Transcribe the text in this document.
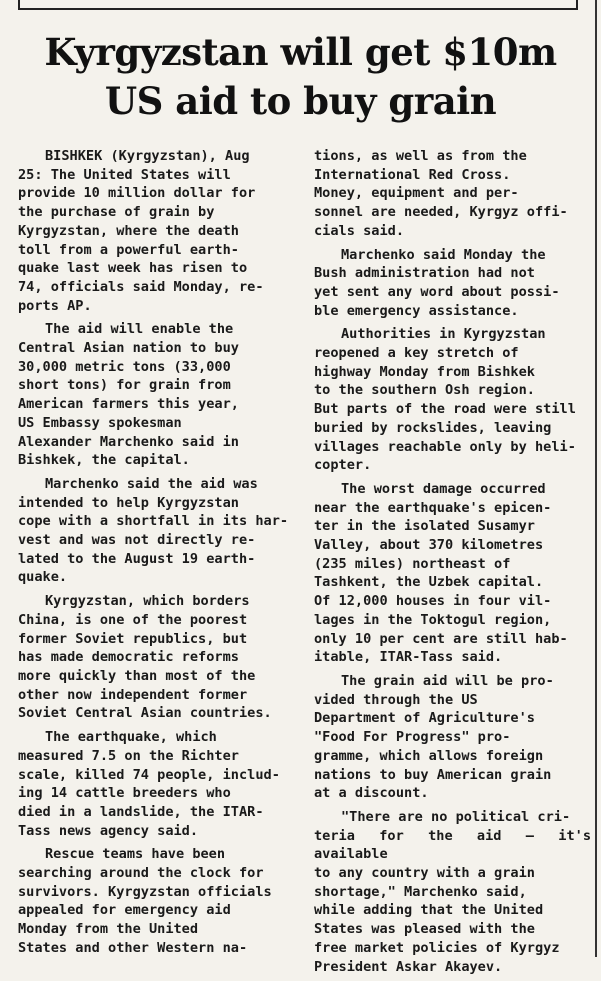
Kyrgyzstan will get $10m
US aid to buy grain

BISHKEK (Kyrgyzstan), Aug
25: The United States will
provide 10 million dollar for
the purchase of grain by
Kyrgyzstan, where the death
toll from a powerful earth-
quake last week has risen to
74, officials said Monday, re-
ports AP.

The aid will enable the
Central Asian nation to buy
30,000 metric tons (33,000
short tons) for grain from
American farmers this year,
US Embassy spokesman
Alexander Marchenko said in
Bishkek, the capital.

Marchenko said the aid was
intended to help Kyrgyzstan
cope with a shortfall in its har-
vest and was not directly re-
lated to the August 19 earth-
quake.

Kyrgyzstan, which borders
China, is one of the poorest
former Soviet republics, but
has made democratic reforms
more quickly than most of the
other now independent former
Soviet Central Asian countries.

The earthquake, which
measured 7.5 on the Richter
scale, killed 74 people, includ-
ing 14 cattle breeders who
died in a landslide, the ITAR-
Tass news agency said.

Rescue teams have been
searching around the clock for
survivors. Kyrgyzstan officials
appealed for emergency aid
Monday from the United
States and other Western na-

tions, as well as from the
International Red Cross.
Money, equipment and per-
sonnel are needed, Kyrgyz offi-
cials said.

Marchenko said Monday the
Bush administration had not
yet sent any word about possi-
ble emergency assistance.

Authorities in Kyrgyzstan
reopened a key stretch of
highway Monday from Bishkek
to the southern Osh region.
But parts of the road were still
buried by rockslides, leaving
villages reachable only by heli-
copter.

The worst damage occurred
near the earthquake's epicen-
ter in the isolated Susamyr
Valley, about 370 kilometres
(235 miles) northeast of
Tashkent, the Uzbek capital.
Of 12,000 houses in four vil-
lages in the Toktogul region,
only 10 per cent are still hab-
itable, ITAR-Tass said.

The grain aid will be pro-
vided through the US
Department of Agriculture's
"Food For Progress" pro-
gramme, which allows foreign
nations to buy American grain
at a discount.

"There are no political cri-
teria for the aid — it's available
to any country with a grain
shortage," Marchenko said,
while adding that the United
States was pleased with the
free market policies of Kyrgyz
President Askar Akayev.
